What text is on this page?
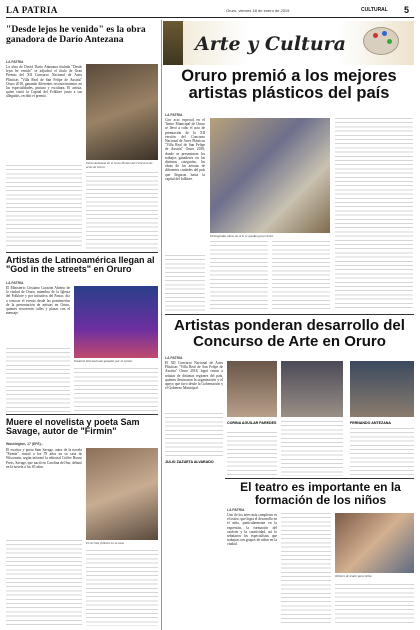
LA PATRIA	Oruro, viernes 18 de enero de 2019	CULTURAL 5
Arte y Cultura
"Desde lejos he venido" es la obra ganadora de Darío Antezana
LA PATRIA
La obra de David Darío Antezana titulada "Desde lejos he venido" se adjudicó el título de Gran Premio del XII Concurso Nacional de Artes Plásticas "Villa Real de San Felipe de Austria" Oruro 2018, ganando diferentes reconocimientos en las especialidades, pintura y escultura. El artista, quien visitó la Capital del Folklore junto a sus allegados, recibió el premio.
Darío Antezana en el Gran Premio del Concurso de artes de Oruro
Oruro premió a los mejores artistas plásticos del país
LA PATRIA
Con acto especial en el Teatro Municipal de Oruro se llevó a cabo el acto de premiación de la XII versión del Concurso Nacional de Artes Plásticas "Villa Real de San Felipe de Austria" Oruro 2018, donde se presentaron los trabajos ganadores en las distintas categorías, las obras de los artistas de diferentes ciudades del país que llegaron hasta la capital del folklore.
Distinguidas obras de arte se quedan para Oruro
Artistas de Latinoamérica llegan al "God in the streets" en Oruro
LA PATRIA
El Ministerio Cristiano Corazón Abierto de la ciudad de Oruro, miembro de la Iglesia del Folklore y por iniciativa del Pastor, dio a conocer el evento desde las postrimerías de la presentación de artistas en Oruro, quienes recorrerán calles y plazas con el mensaje.
Pastoral internacional ganador por el Gestor
Muere el novelista y poeta Sam Savage, autor de "Firmin"
Washington, 17 (EFE).-
El escritor y poeta Sam Savage, autor de la novela "Firmin", murió a los 78 años en su casa de Wisconsin, según informó la editorial Coffee House Press. Savage, que nació en Carolina del Sur, debutó en la novela a los 65 años.
El escritor falleció en su casa
Artistas ponderan desarrollo del Concurso de Arte en Oruro
LA PATRIA
El XII Concurso Nacional de Artes Plásticas "Villa Real de San Felipe de Austria" Oruro 2018, logró reunir a artistas de distintas regiones del país, quienes destacaron la organización y el apoyo que tuvo desde la Gobernación y el Gobierno Municipal.
CORINA AGUILAR PAREDES
JULIO ZAZUETA ALVARADO
FERNANDO ANTEZANA
El teatro es importante en la formación de los niños
LA PATRIA
Uno de los artes más completos es el teatro, que logra el desarrollo en el niño, particularmente en la expresión, la formación del carácter y la creatividad, así lo señalaron los especialistas que trabajan con grupos de niños en la ciudad.
Talleres de teatro para niños
